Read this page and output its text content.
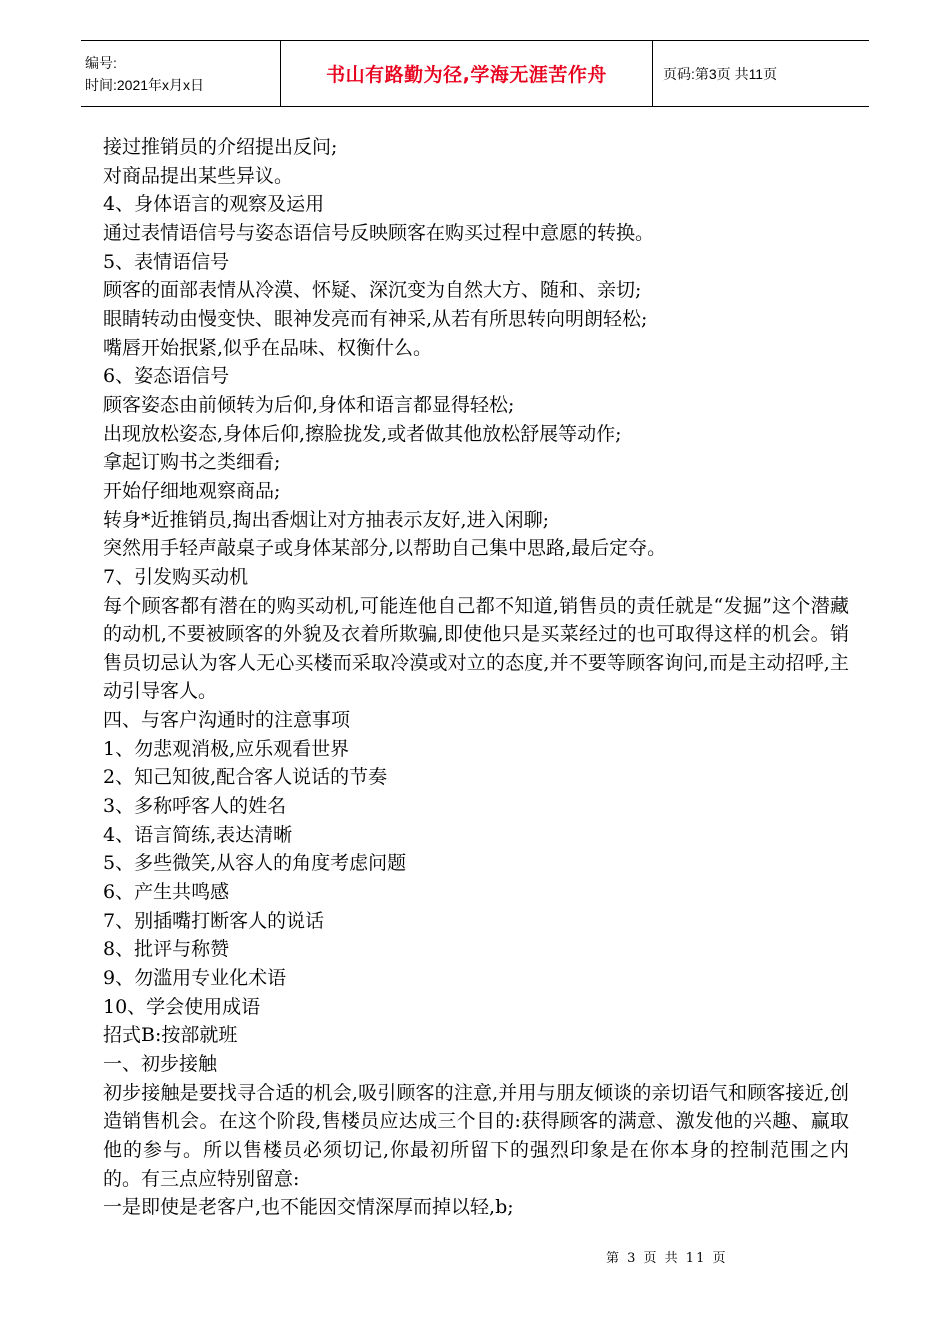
编号:
时间:2021年x月x日	书山有路勤为径,学海无涯苦作舟	页码:第3页 共11页

接过推销员的介绍提出反问;

对商品提出某些异议。

4、身体语言的观察及运用

通过表情语信号与姿态语信号反映顾客在购买过程中意愿的转换。

5、表情语信号

顾客的面部表情从冷漠、怀疑、深沉变为自然大方、随和、亲切;

眼睛转动由慢变快、眼神发亮而有神采,从若有所思转向明朗轻松;

嘴唇开始抿紧,似乎在品味、权衡什么。

6、姿态语信号

顾客姿态由前倾转为后仰,身体和语言都显得轻松;

出现放松姿态,身体后仰,擦脸拢发,或者做其他放松舒展等动作;

拿起订购书之类细看;

开始仔细地观察商品;

转身*近推销员,掏出香烟让对方抽表示友好,进入闲聊;

突然用手轻声敲桌子或身体某部分,以帮助自己集中思路,最后定夺。

7、引发购买动机

每个顾客都有潜在的购买动机,可能连他自己都不知道,销售员的责任就是“发掘”这个潜藏的动机,不要被顾客的外貌及衣着所欺骗,即使他只是买菜经过的也可取得这样的机会。销售员切忌认为客人无心买楼而采取冷漠或对立的态度,并不要等顾客询问,而是主动招呼,主动引导客人。

四、与客户沟通时的注意事项

1、勿悲观消极,应乐观看世界

2、知己知彼,配合客人说话的节奏

3、多称呼客人的姓名

4、语言简练,表达清晰

5、多些微笑,从容人的角度考虑问题

6、产生共鸣感

7、别插嘴打断客人的说话

8、批评与称赞

9、勿滥用专业化术语

10、学会使用成语

招式B:按部就班

一、初步接触

初步接触是要找寻合适的机会,吸引顾客的注意,并用与朋友倾谈的亲切语气和顾客接近,创造销售机会。在这个阶段,售楼员应达成三个目的:获得顾客的满意、激发他的兴趣、赢取他的参与。所以售楼员必须切记,你最初所留下的强烈印象是在你本身的控制范围之内的。有三点应特别留意:

一是即使是老客户,也不能因交情深厚而掉以轻,b;

第 3 页 共 11 页
